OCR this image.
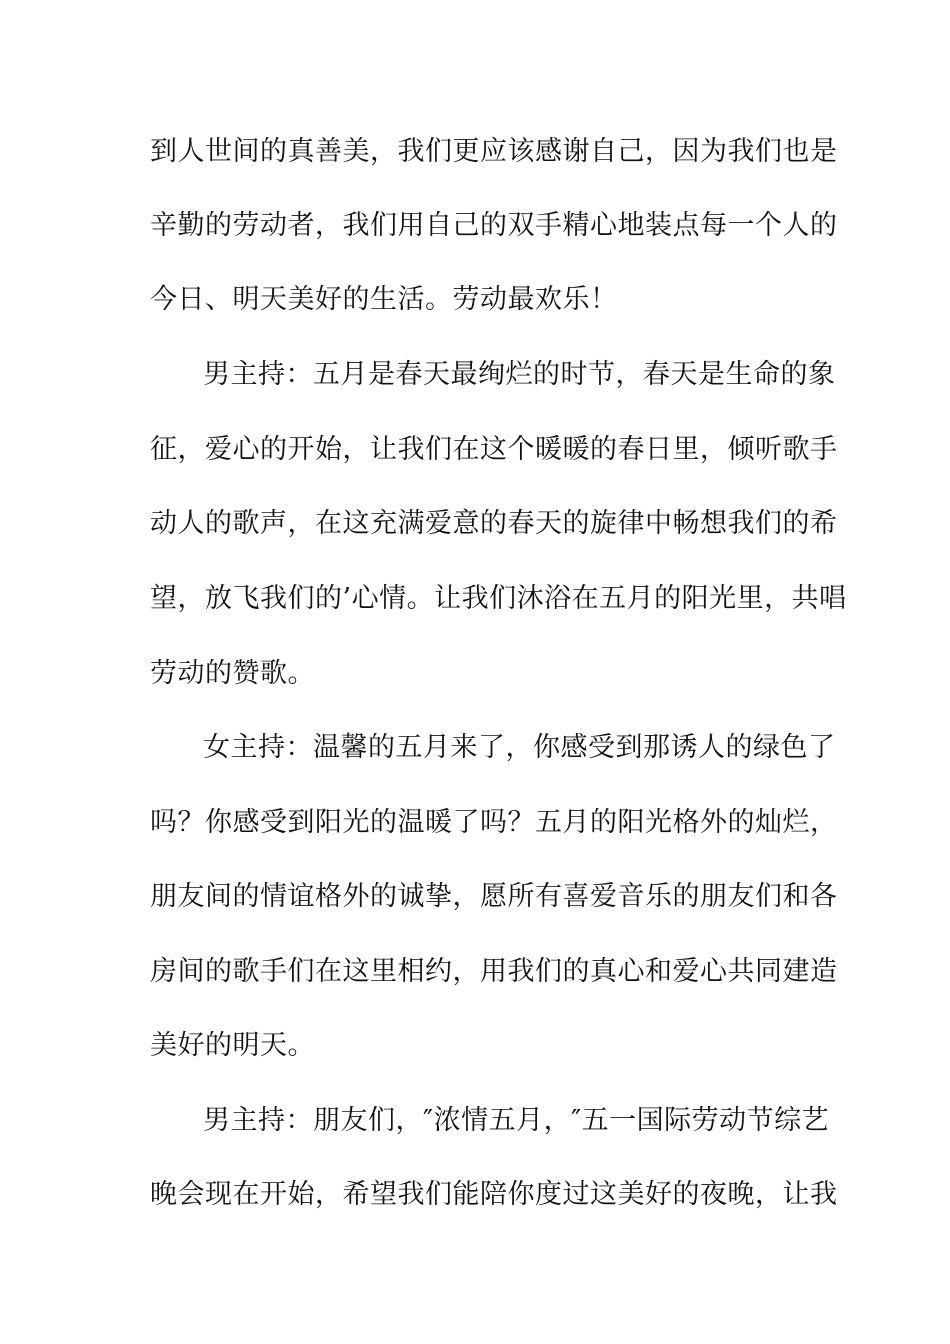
到人世间的真善美，我们更应该感谢自己，因为我们也是
辛勤的劳动者，我们用自己的双手精心地装点每一个人的
今日、明天美好的生活。劳动最欢乐！
男主持：五月是春天最绚烂的时节，春天是生命的象
征，爱心的开始，让我们在这个暖暖的春日里，倾听歌手
动人的歌声，在这充满爱意的春天的旋律中畅想我们的希
望，放飞我们的’心情。让我们沐浴在五月的阳光里，共唱
劳动的赞歌。
女主持：温馨的五月来了，你感受到那诱人的绿色了
吗？你感受到阳光的温暖了吗？五月的阳光格外的灿烂，
朋友间的情谊格外的诚挚，愿所有喜爱音乐的朋友们和各
房间的歌手们在这里相约，用我们的真心和爱心共同建造
美好的明天。
男主持：朋友们，″浓情五月，″五一国际劳动节综艺
晚会现在开始，希望我们能陪你度过这美好的夜晚，让我
